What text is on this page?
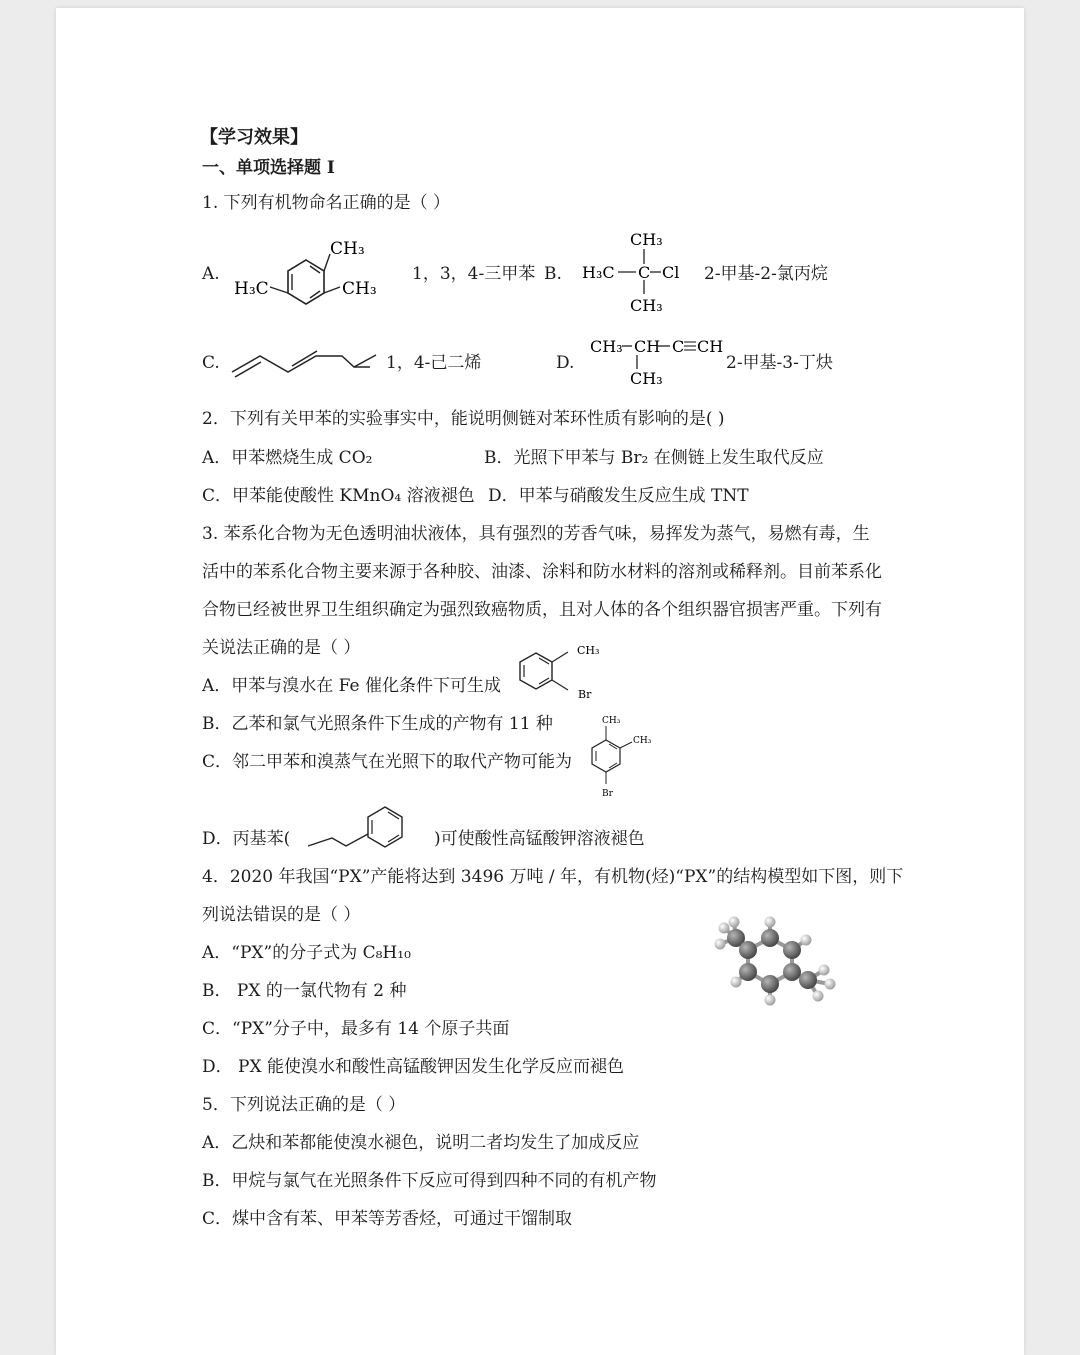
【学习效果】
一、单项选择题 I
1. 下列有机物命名正确的是（ ）
A.
CH₃
H₃C	CH₃
1，3，4-三甲苯 B.
CH₃
H₃C C Cl
CH₃
2-甲基-2-氯丙烷
C.	1，4-己二烯	D.
CH₃ CH C CH
CH₃
2-甲基-3-丁炔
2．下列有关甲苯的实验事实中，能说明侧链对苯环性质有影响的是( )
A．甲苯燃烧生成 CO₂	B．光照下甲苯与 Br₂ 在侧链上发生取代反应
C．甲苯能使酸性 KMnO₄ 溶液褪色 D．甲苯与硝酸发生反应生成 TNT
3. 苯系化合物为无色透明油状液体，具有强烈的芳香气味，易挥发为蒸气，易燃有毒，生
活中的苯系化合物主要来源于各种胶、油漆、涂料和防水材料的溶剂或稀释剂。目前苯系化
合物已经被世界卫生组织确定为强烈致癌物质，且对人体的各个组织器官损害严重。下列有
关说法正确的是（ ）
A．甲苯与溴水在 Fe 催化条件下可生成
CH₃
Br
B．乙苯和氯气光照条件下生成的产物有 11 种
C．邻二甲苯和溴蒸气在光照下的取代产物可能为
CH₃
CH₃
Br
D．丙基苯(	)可使酸性高锰酸钾溶液褪色
4．2020 年我国“PX”产能将达到 3496 万吨 / 年，有机物(烃)“PX”的结构模型如下图，则下
列说法错误的是（ ）
A．“PX”的分子式为 C₈H₁₀
B． PX 的一氯代物有 2 种
C．“PX”分子中，最多有 14 个原子共面
D． PX 能使溴水和酸性高锰酸钾因发生化学反应而褪色
5．下列说法正确的是（ ）
A．乙炔和苯都能使溴水褪色，说明二者均发生了加成反应
B．甲烷与氯气在光照条件下反应可得到四种不同的有机产物
C．煤中含有苯、甲苯等芳香烃，可通过干馏制取
